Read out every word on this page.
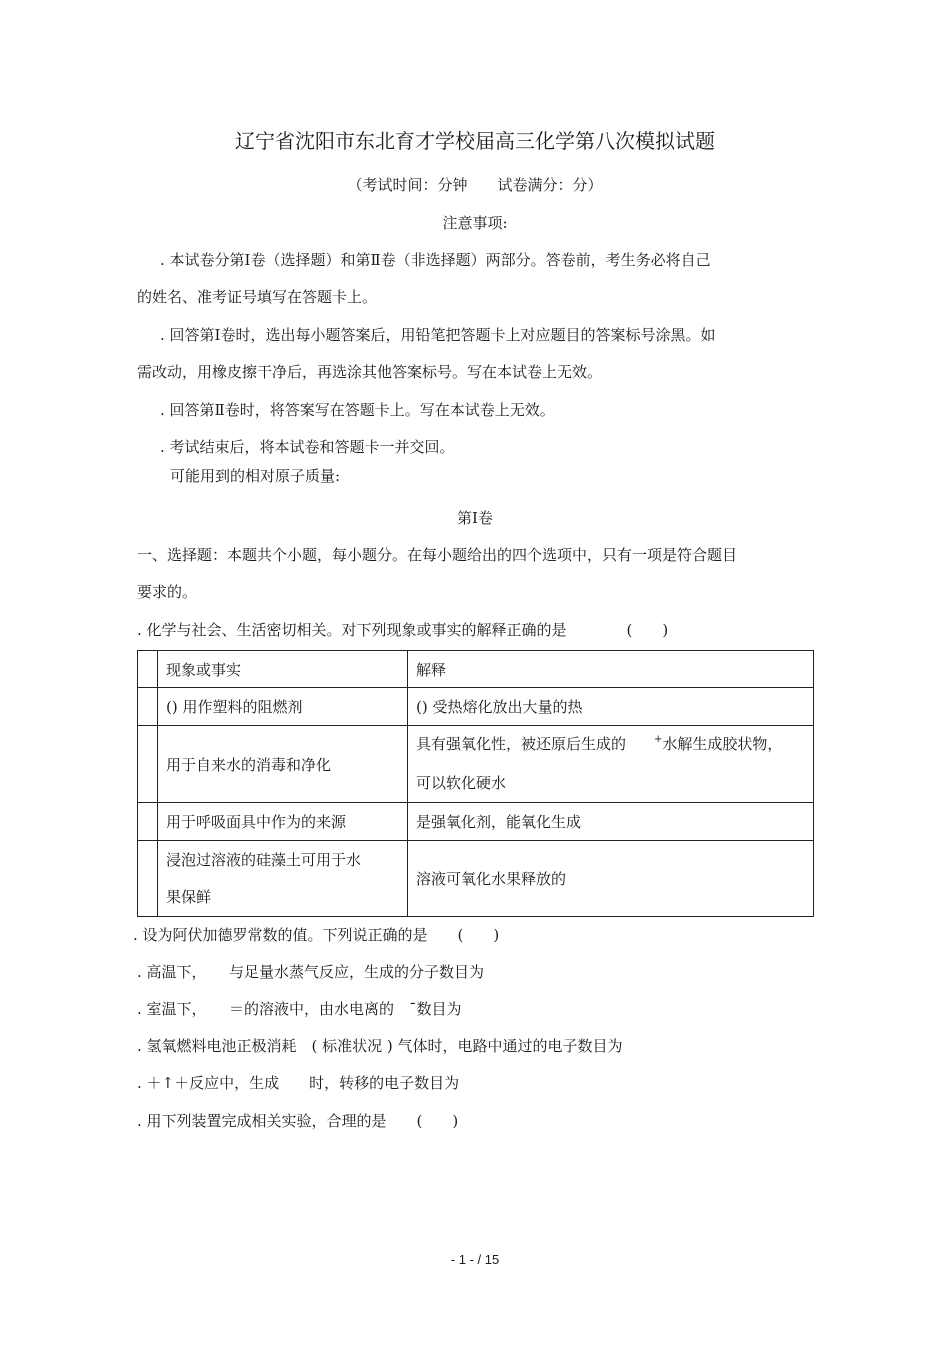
辽宁省沈阳市东北育才学校届高三化学第八次模拟试题
（考试时间：分钟　　试卷满分：分）
注意事项:
. 本试卷分第Ⅰ卷（选择题）和第Ⅱ卷（非选择题）两部分。答卷前，考生务必将自己
的姓名、准考证号填写在答题卡上。
. 回答第Ⅰ卷时，选出每小题答案后，用铅笔把答题卡上对应题目的答案标号涂黑。如
需改动，用橡皮擦干净后，再选涂其他答案标号。写在本试卷上无效。
. 回答第Ⅱ卷时，将答案写在答题卡上。写在本试卷上无效。
. 考试结束后，将本试卷和答题卡一并交回。
可能用到的相对原子质量:
第Ⅰ卷
一、选择题：本题共个小题，每小题分。在每小题给出的四个选项中，只有一项是符合题目
要求的。
. 化学与社会、生活密切相关。对下列现象或事实的解释正确的是　　　　(　　)
	现象或事实	解释
	() 用作塑料的阻燃剂	() 受热熔化放出大量的热
	用于自来水的消毒和净化	具有强氧化性，被还原后生成的 +水解生成胶状物，
可以软化硬水

	用于呼吸面具中作为的来源	是强氧化剂，能氧化生成

	浸泡过溶液的硅藻土可用于水
果保鲜	溶液可氧化水果释放的
. 设为阿伏加德罗常数的值。下列说正确的是　　(　　)
. 高温下，　　与足量水蒸气反应，生成的分子数目为
. 室温下，　　＝的溶液中，由水电离的　¯数目为
. 氢氧燃料电池正极消耗　( 标准状况 ) 气体时，电路中通过的电子数目为
. ＋↑＋反应中，生成　　时，转移的电子数目为
. 用下列装置完成相关实验，合理的是　　(　　)
- 1 - / 15
